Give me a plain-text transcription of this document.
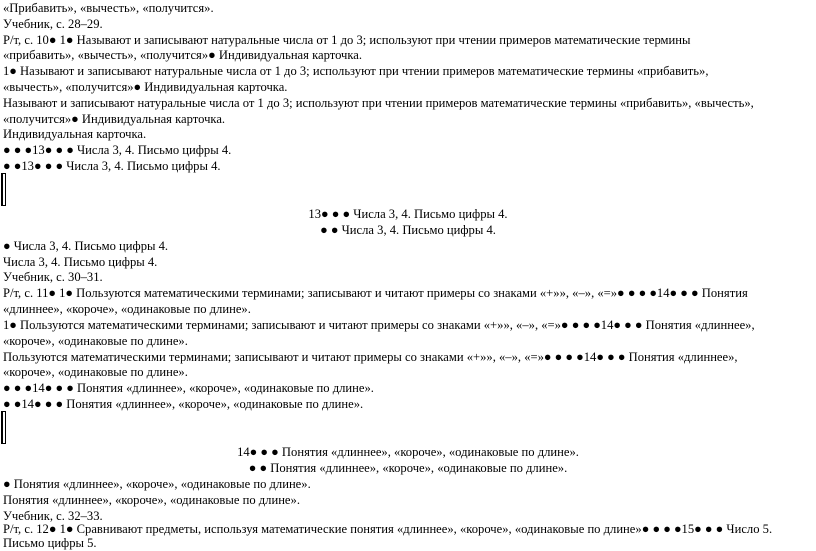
«Прибавить», «вычесть», «получится».
Учебник, с. 28–29.
Р/т, с. 10● 1● Называют и записывают натуральные числа от 1 до 3; используют при чтении примеров математические термины
«прибавить», «вычесть», «получится»● Индивидуальная карточка.
1● Называют и записывают натуральные числа от 1 до 3; используют при чтении примеров математические термины «прибавить»,
«вычесть», «получится»● Индивидуальная карточка.
Называют и записывают натуральные числа от 1 до 3; используют при чтении примеров математические термины «прибавить», «вычесть»,
«получится»● Индивидуальная карточка.
Индивидуальная карточка.
● ● ●13● ● ● Числа 3, 4. Письмо цифры 4.
● ●13● ● ● Числа 3, 4. Письмо цифры 4.
13● ● ● Числа 3, 4. Письмо цифры 4.
● ● Числа 3, 4. Письмо цифры 4.
● Числа 3, 4. Письмо цифры 4.
Числа 3, 4. Письмо цифры 4.
Учебник, с. 30–31.
Р/т, с. 11● 1● Пользуются математическими терминами; записывают и читают примеры со знаками «+»», «–», «=»● ● ● ●14● ● ● Понятия
«длиннее», «короче», «одинаковые по длине».
1● Пользуются математическими терминами; записывают и читают примеры со знаками «+»», «–», «=»● ● ● ●14● ● ● Понятия «длиннее»,
«короче», «одинаковые по длине».
Пользуются математическими терминами; записывают и читают примеры со знаками «+»», «–», «=»● ● ● ●14● ● ● Понятия «длиннее»,
«короче», «одинаковые по длине».
● ● ●14● ● ● Понятия «длиннее», «короче», «одинаковые по длине».
● ●14● ● ● Понятия «длиннее», «короче», «одинаковые по длине».
14● ● ● Понятия «длиннее», «короче», «одинаковые по длине».
● ● Понятия «длиннее», «короче», «одинаковые по длине».
● Понятия «длиннее», «короче», «одинаковые по длине».
Понятия «длиннее», «короче», «одинаковые по длине».
Учебник, с. 32–33.
Р/т, с. 12● 1● Сравнивают предметы, используя математические понятия «длиннее», «короче», «одинаковые по длине»● ● ● ●15● ● ● Число 5.
Письмо цифры 5.
